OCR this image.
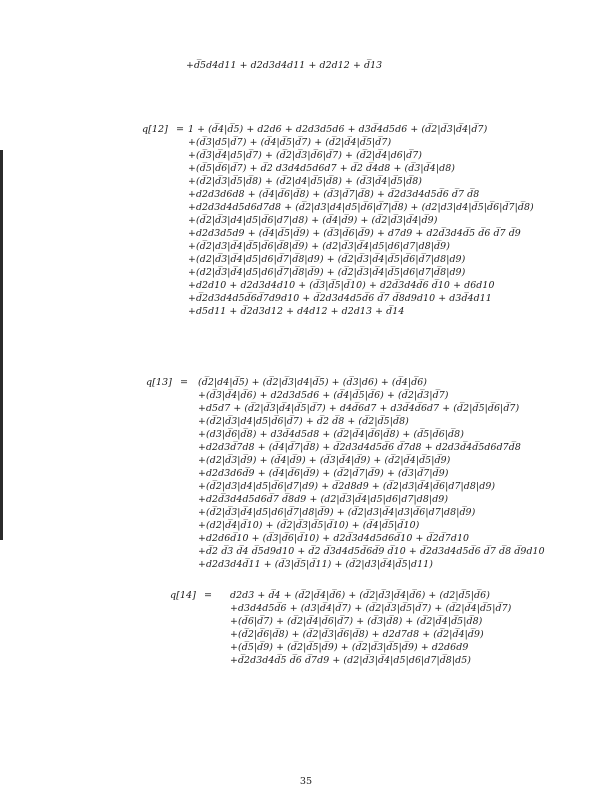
+d̅5d4d11 + d2d3d4d11 + d2d12 + d̅13
q[12] = 1 + (d̅4|d̅5) + d2d6 + d2d3d5d6 + d3d̅4d5d6 + (d̅2|d̅3|d̅4|d̅7)
+(d̅3|d5|d̅7) + (d̅4|d̅5|d̅7) + (d̅2|d̅4|d̅5|d̅7)
+(d̅3|d̅4|d5|d̅7) + (d̅2|d̅3|d̅6|d̅7) + (d̅2|d̅4|d6|d̅7)
+(d̅5|d̅6|d̅7) + d̅2 d3d4d5d6d7 + d̅2 d̅4d8 + (d̅3|d̅4|d8)
+(d̅2|d̅3|d̅5|d̅8) + (d̅2|d4|d̅5|d̅8) + (d̅3|d̅4|d̅5|d̅8)
+d2d3d6d8 + (d̅4|d̅6|d̅8) + (d̅3|d̅7|d̅8) + d̅2d3d4d5d̅6 d̅7 d̅8
+d2d3d4d5d6d7d8 + (d̅2|d3|d4|d5|d̅6|d̅7|d̅8) + (d2|d3|d4|d̅5|d̅6|d̅7|d̅8)
+(d̅2|d̅3|d4|d5|d̅6|d7|d8) + (d̅4|d̅9) + (d̅2|d̅3|d̅4|d̅9)
+d2d3d5d9 + (d̅4|d̅5|d̅9) + (d̅3|d̅6|d̅9) + d7d9 + d2d̅3d4d̅5 d̅6 d̅7 d̅9
+(d̅2|d3|d̅4|d̅5|d̅6|d̅8|d̅9) + (d2|d̅3|d̅4|d5|d6|d7|d8|d̅9)
+(d2|d̅3|d̅4|d5|d6|d̅7|d̅8|d9) + (d̅2|d̅3|d̅4|d̅5|d̅6|d̅7|d8|d9)
+(d2|d̅3|d̅4|d5|d6|d̅7|d̅8|d̅9) + (d̅2|d̅3|d̅4|d̅5|d6|d7|d̅8|d9)
+d2d10 + d2d3d4d10 + (d̅3|d̅5|d̅10) + d2d̅3d4d̅6 d̅10 + d6d10
+d̅2d3d4d5d̅6d̅7d9d10 + d̅2d3d4d5d̅6 d̅7 d̅8d9d10 + d3d̅4d11
+d5d11 + d̅2d3d12 + d4d12 + d2d13 + d̅14
q[13] = (d̅2|d4|d̅5) + (d̅2|d̅3|d4|d̅5) + (d̅3|d6) + (d̅4|d̅6)
+(d̅3|d̅4|d̅6) + d2d3d5d6 + (d̅4|d̅5|d̅6) + (d̅2|d̅3|d̅7)
+d5d7 + (d̅2|d̅3|d̅4|d̅5|d̅7) + d4d̅6d7 + d3d̅4d̅6d7 + (d̅2|d̅5|d̅6|d̅7)
+(d̅2|d̅3|d4|d5|d̅6|d̅7) + d̅2 d̅8 + (d̅2|d̅5|d̅8)
+(d3|d̅6|d̅8) + d3d̅4d5d8 + (d̅2|d̅4|d̅6|d̅8) + (d̅5|d̅6|d̅8)
+d2d3d̅7d8 + (d̅4|d̅7|d̅8) + d̅2d3d4d5d̅6 d̅7d8 + d2d3d̅4d̅5d6d7d̅8
+(d2|d̅3|d̅9) + (d̅4|d̅9) + (d̅3|d̅4|d̅9) + (d̅2|d̅4|d̅5|d̅9)
+d2d3d6d̅9 + (d̅4|d̅6|d̅9) + (d̅2|d̅7|d̅9) + (d̅3|d̅7|d̅9)
+(d̅2|d3|d4|d5|d̅6|d7|d9) + d̅2d8d9 + (d̅2|d3|d̅4|d̅6|d7|d8|d9)
+d2d̅3d4d5d6d̅7 d̅8d9 + (d2|d̅3|d̅4|d5|d6|d7|d8|d9)
+(d̅2|d̅3|d̅4|d5|d6|d̅7|d8|d̅9) + (d̅2|d3|d̅4|d3|d̅6|d7|d8|d̅9)
+(d2|d̅4|d̅10) + (d̅2|d̅3|d̅5|d̅10) + (d̅4|d̅5|d̅10)
+d2d6d̅10 + (d̅3|d̅6|d̅10) + d2d̅3d4d5d6d̅10 + d̅2d̅7d10
+d̅2 d̅3 d̅4 d̅5d9d10 + d̅2 d̅3d4d5d̅6d̅9 d̅10 + d̅2d3d4d5d̅6 d̅7 d̅8 d̅9d10
+d2d3d4d̅11 + (d̅3|d̅5|d̅11) + (d̅2|d3|d̅4|d̅5|d11)
q[14] = d2d3 + d̅4 + (d̅2|d̅4|d̅6) + (d̅2|d̅3|d̅4|d̅6) + (d2|d̅5|d̅6)
+d3d4d5d̅6 + (d3|d̅4|d̅7) + (d̅2|d̅3|d̅5|d̅7) + (d̅2|d̅4|d̅5|d̅7)
+(d̅6|d̅7) + (d̅2|d̅4|d̅6|d̅7) + (d̅3|d̅8) + (d̅2|d̅4|d̅5|d̅8)
+(d̅2|d̅6|d̅8) + (d̅2|d̅3|d̅6|d̅8) + d2d7d8 + (d̅2|d̅4|d̅9)
+(d̅5|d̅9) + (d̅2|d̅5|d̅9) + (d̅2|d̅3|d̅5|d̅9) + d2d6d9
+d̅2d3d4d̅5 d̅6 d̅7d9 + (d2|d̅3|d̅4|d5|d6|d7|d̅8|d5)
35
